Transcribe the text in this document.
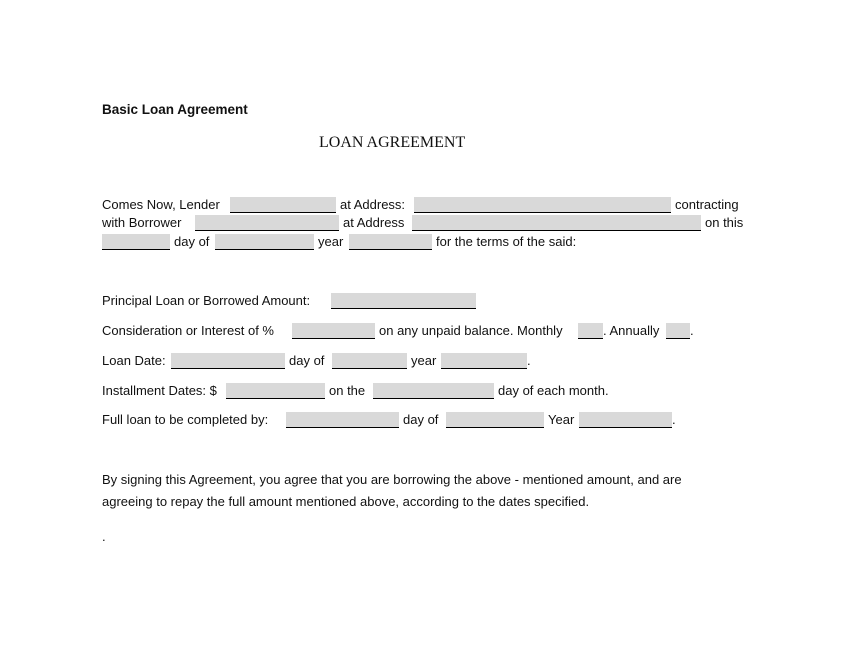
Basic Loan Agreement
LOAN AGREEMENT
Comes Now, Lender	at Address:	contracting
with Borrower	at Address	on this
day of	year	for the terms of the said:
Principal Loan or Borrowed Amount:
Consideration or Interest of %	on any unpaid balance. Monthly	. Annually .
Loan Date:	day of	year	.
Installment Dates: $	on the	day of each month.
Full loan to be completed by:	day of	Year	.
By signing this Agreement, you agree that you are borrowing the above - mentioned amount, and are
agreeing to repay the full amount mentioned above, according to the dates specified.
.
